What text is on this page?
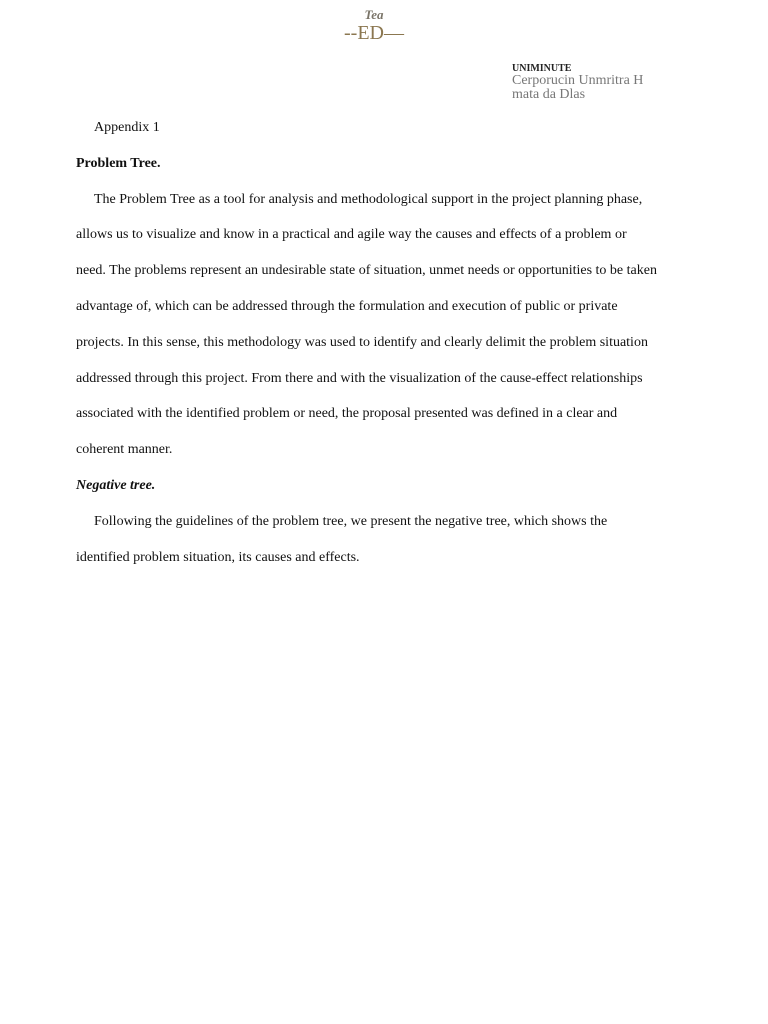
Tea
--ED—
UNIMINUTE
Cerporucin Unmritra H
mata da Dlas

Appendix 1

Problem Tree.

The Problem Tree as a tool for analysis and methodological support in the project planning phase, allows us to visualize and know in a practical and agile way the causes and effects of a problem or need. The problems represent an undesirable state of situation, unmet needs or opportunities to be taken advantage of, which can be addressed through the formulation and execution of public or private projects. In this sense, this methodology was used to identify and clearly delimit the problem situation addressed through this project. From there and with the visualization of the cause-effect relationships associated with the identified problem or need, the proposal presented was defined in a clear and coherent manner.

Negative tree.

Following the guidelines of the problem tree, we present the negative tree, which shows the identified problem situation, its causes and effects.
